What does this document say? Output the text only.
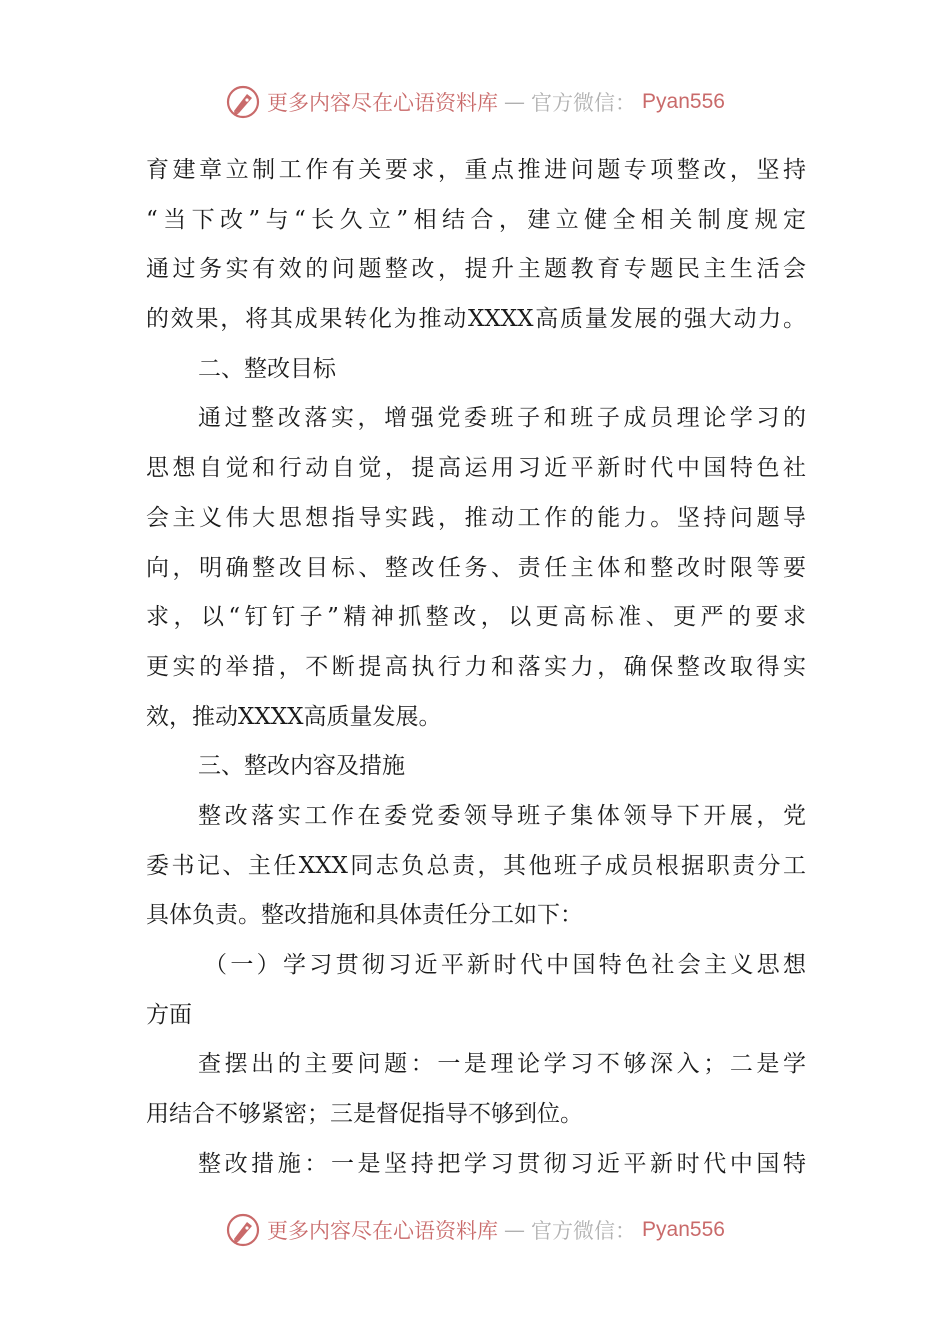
更多内容尽在心语资料库 — 官方微信： Pyan556
育建章立制工作有关要求，重点推进问题专项整改，坚持
“当下改”与“长久立”相结合，建立健全相关制度规定
通过务实有效的问题整改，提升主题教育专题民主生活会
的效果，将其成果转化为推动XXXX高质量发展的强大动力。
二、整改目标
通过整改落实，增强党委班子和班子成员理论学习的
思想自觉和行动自觉，提高运用习近平新时代中国特色社
会主义伟大思想指导实践，推动工作的能力。坚持问题导
向，明确整改目标、整改任务、责任主体和整改时限等要
求，以“钉钉子”精神抓整改，以更高标准、更严的要求
更实的举措，不断提高执行力和落实力，确保整改取得实
效，推动XXXX高质量发展。
三、整改内容及措施
整改落实工作在委党委领导班子集体领导下开展，党
委书记、主任XXX同志负总责，其他班子成员根据职责分工
具体负责。整改措施和具体责任分工如下：
（一）学习贯彻习近平新时代中国特色社会主义思想
方面
查摆出的主要问题：一是理论学习不够深入；二是学
用结合不够紧密；三是督促指导不够到位。
整改措施：一是坚持把学习贯彻习近平新时代中国特
更多内容尽在心语资料库 — 官方微信： Pyan556
